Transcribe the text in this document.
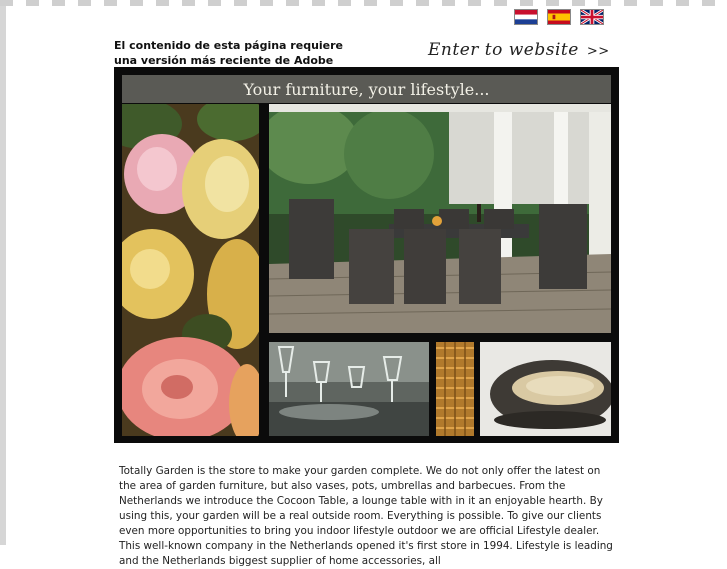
El contenido de esta página requiere
una versión más reciente de Adobe
Enter to website >>
Your furniture, your lifestyle...
Totally Garden is the store to make your garden complete. We do not only offer the latest on the area of garden furniture, but also vases, pots, umbrellas and barbecues. From the Netherlands we introduce the Cocoon Table, a lounge table with in it an enjoyable hearth. By using this, your garden will be a real outside room. Everything is possible. To give our clients even more opportunities to bring you indoor lifestyle outdoor we are official Lifestyle dealer. This well-known company in the Netherlands opened it's first store in 1994. Lifestyle is leading and the Netherlands biggest supplier of home accessories, all
